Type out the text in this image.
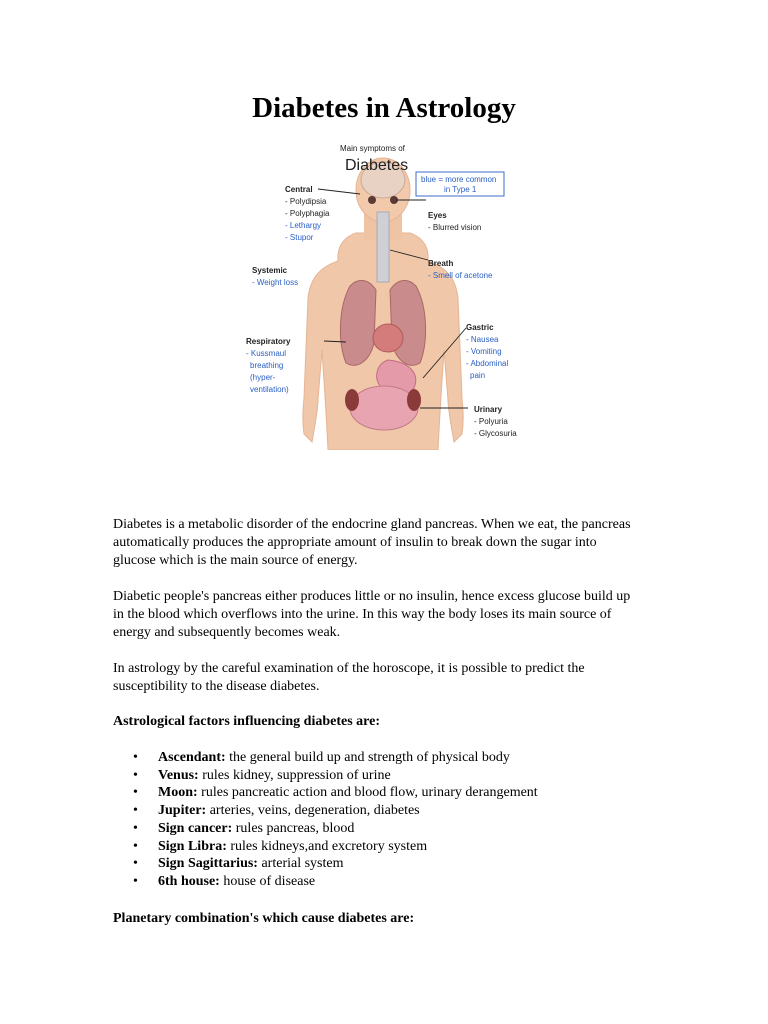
Diabetes in Astrology
Main symptoms of
Diabetes
blue = more common
in Type 1
Central
- Polydipsia
- Polyphagia
- Lethargy
- Stupor
Systemic
- Weight loss
Respiratory
- Kussmaul
breathing
(hyper-
ventilation)
Eyes
- Blurred vision
Breath
- Smell of acetone
Gastric
- Nausea
- Vomiting
- Abdominal
pain
Urinary
- Polyuria
- Glycosuria

Diabetes is a metabolic disorder of the endocrine gland pancreas. When we eat, the pancreas automatically produces the appropriate amount of insulin to break down the sugar into glucose which is the main source of energy.

Diabetic people's pancreas either produces little or no insulin, hence excess glucose build up in the blood which overflows into the urine. In this way the body loses its main source of energy and subsequently becomes weak.

In astrology by the careful examination of the horoscope, it is possible to predict the susceptibility to the disease diabetes.

Astrological factors influencing diabetes are:

• Ascendant: the general build up and strength of physical body
• Venus: rules kidney, suppression of urine
• Moon: rules pancreatic action and blood flow, urinary derangement
• Jupiter: arteries, veins, degeneration, diabetes
• Sign cancer: rules pancreas, blood
• Sign Libra: rules kidneys,and excretory system
• Sign Sagittarius: arterial system
• 6th house: house of disease

Planetary combination's which cause diabetes are:
